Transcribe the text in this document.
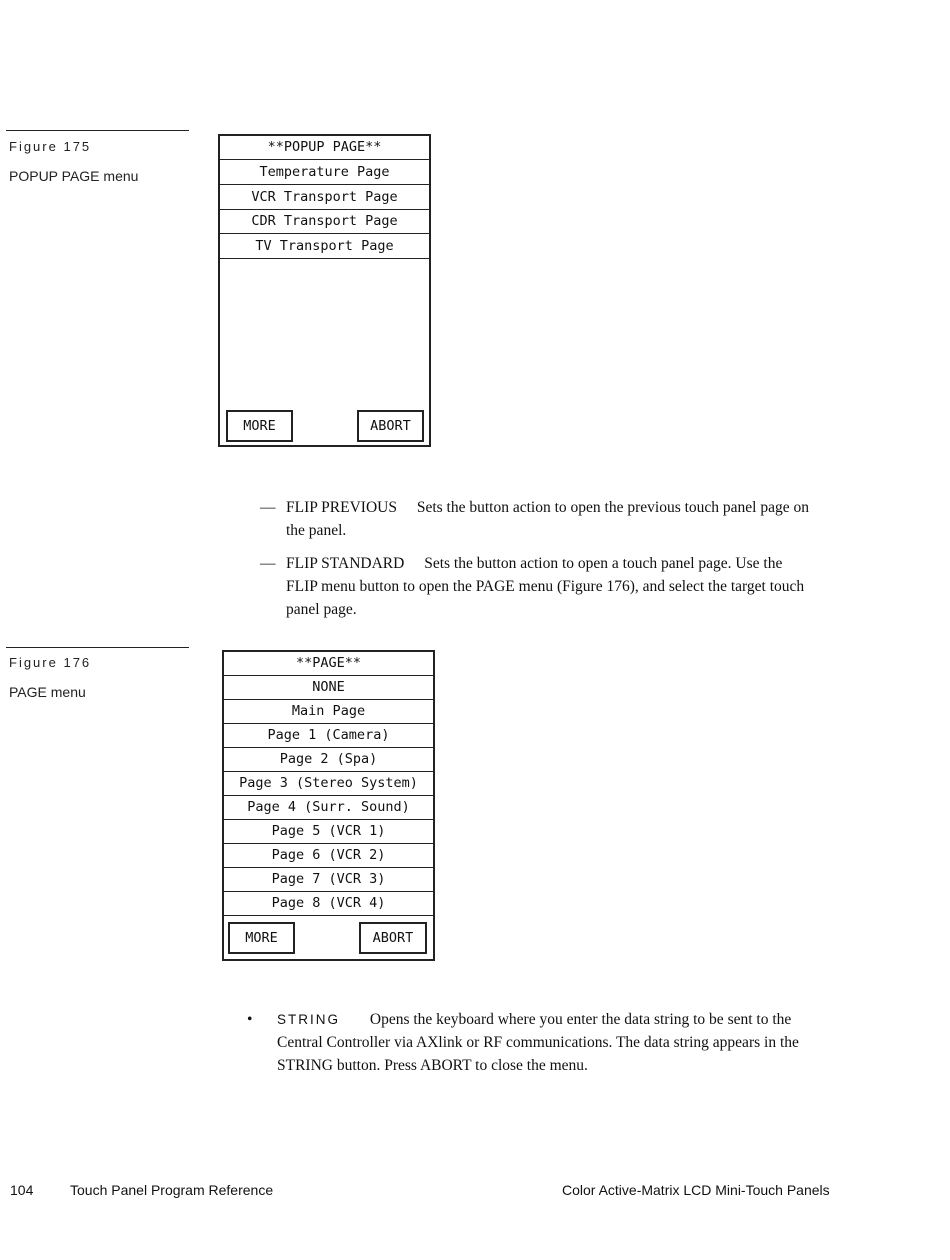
Figure 175
POPUP PAGE menu
**POPUP PAGE**
Temperature Page
VCR Transport Page
CDR Transport Page
TV Transport Page
MORE	ABORT
— FLIP PREVIOUS Sets the button action to open the previous touch panel page on the panel.
— FLIP STANDARD Sets the button action to open a touch panel page. Use the FLIP menu button to open the PAGE menu (Figure 176), and select the target touch panel page.
Figure 176
PAGE menu
**PAGE**
NONE
Main Page
Page 1 (Camera)
Page 2 (Spa)
Page 3 (Stereo System)
Page 4 (Surr. Sound)
Page 5 (VCR 1)
Page 6 (VCR 2)
Page 7 (VCR 3)
Page 8 (VCR 4)
MORE	ABORT
• STRING Opens the keyboard where you enter the data string to be sent to the Central Controller via AXlink or RF communications. The data string appears in the STRING button. Press ABORT to close the menu.
104	Touch Panel Program Reference	Color Active-Matrix LCD Mini-Touch Panels
